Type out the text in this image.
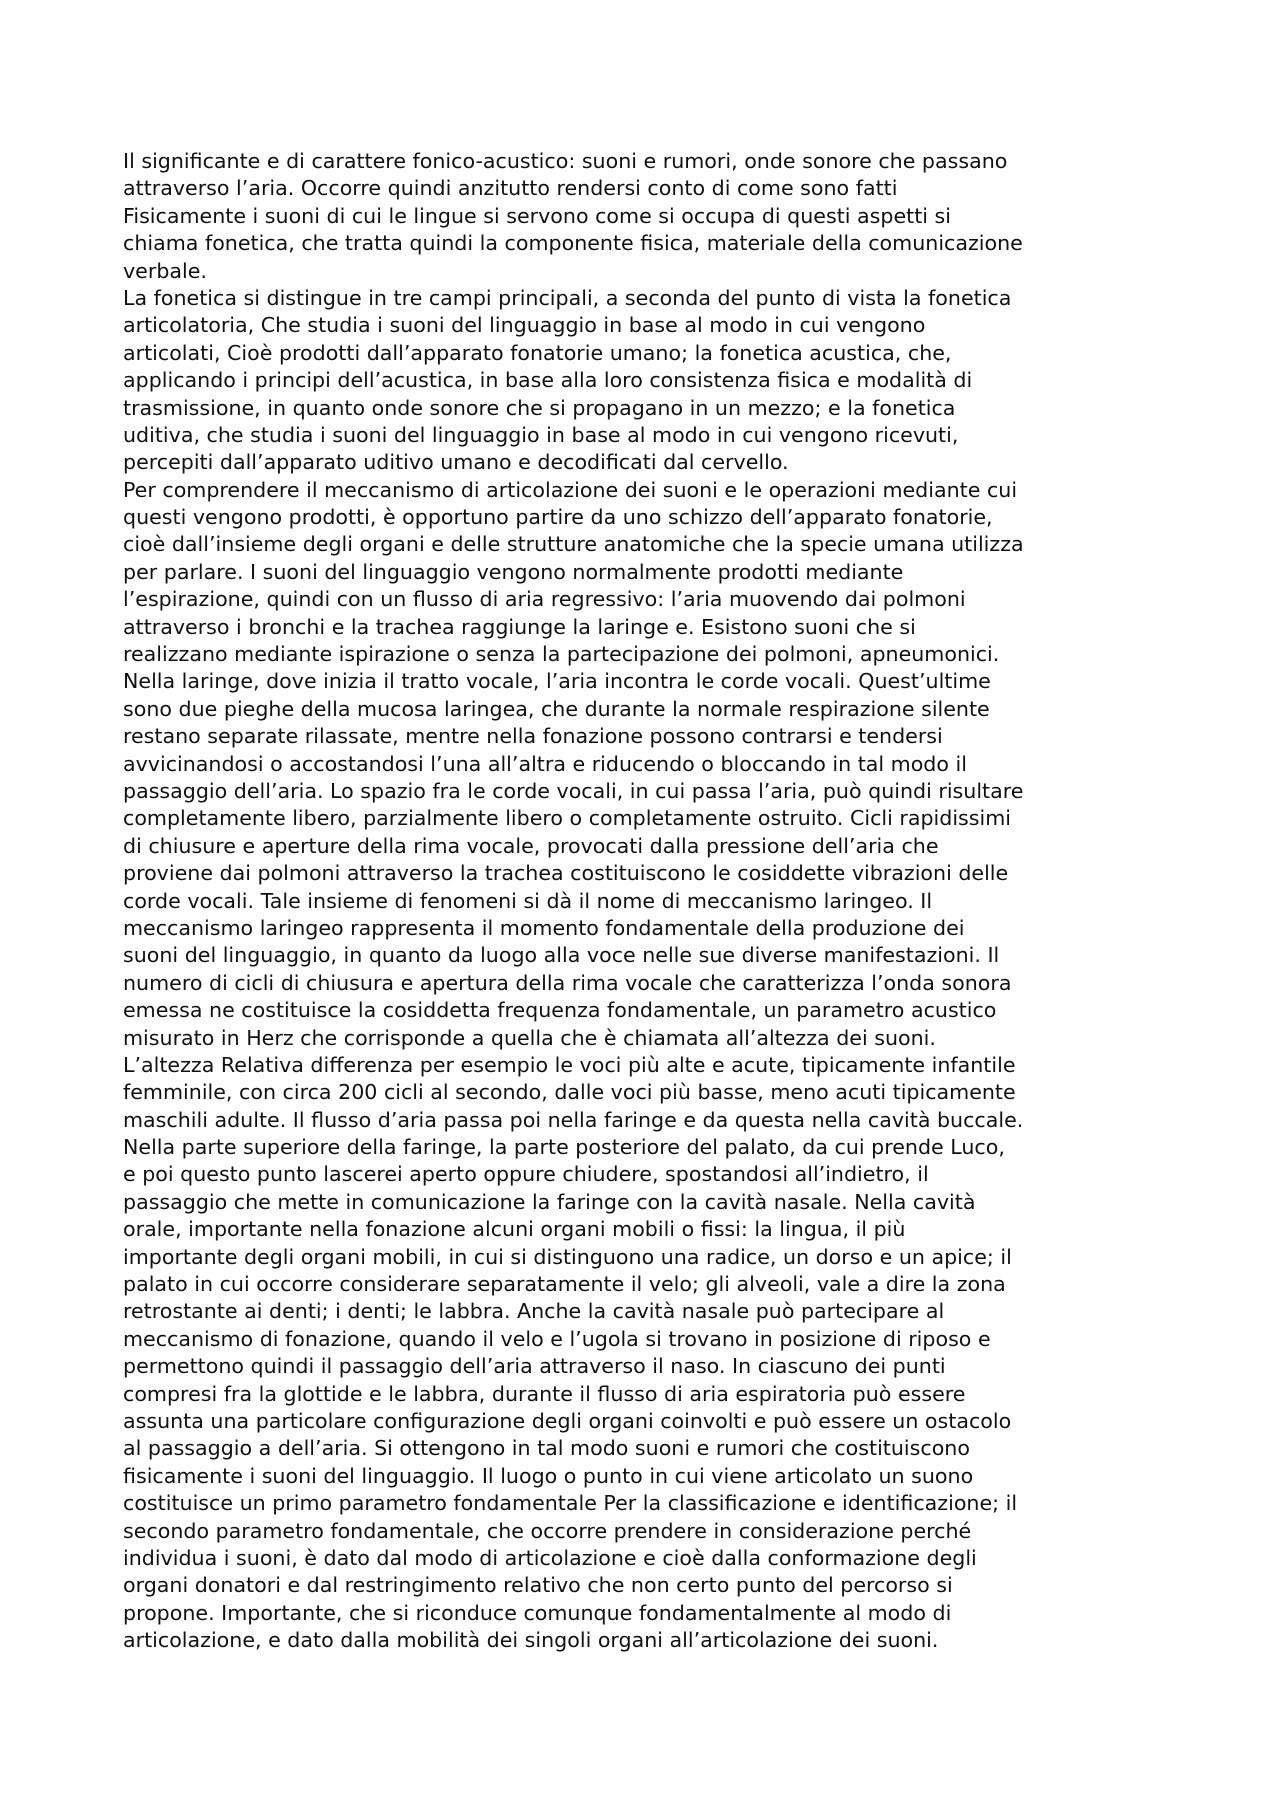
Il significante e di carattere fonico-acustico: suoni e rumori, onde sonore che passano
attraverso l’aria. Occorre quindi anzitutto rendersi conto di come sono fatti
Fisicamente i suoni di cui le lingue si servono come si occupa di questi aspetti si
chiama fonetica, che tratta quindi la componente fisica, materiale della comunicazione
verbale.
La fonetica si distingue in tre campi principali, a seconda del punto di vista la fonetica
articolatoria, Che studia i suoni del linguaggio in base al modo in cui vengono
articolati, Cioè prodotti dall’apparato fonatorie umano; la fonetica acustica, che,
applicando i principi dell’acustica, in base alla loro consistenza fisica e modalità di
trasmissione, in quanto onde sonore che si propagano in un mezzo; e la fonetica
uditiva, che studia i suoni del linguaggio in base al modo in cui vengono ricevuti,
percepiti dall’apparato uditivo umano e decodificati dal cervello.
Per comprendere il meccanismo di articolazione dei suoni e le operazioni mediante cui
questi vengono prodotti, è opportuno partire da uno schizzo dell’apparato fonatorie,
cioè dall’insieme degli organi e delle strutture anatomiche che la specie umana utilizza
per parlare. I suoni del linguaggio vengono normalmente prodotti mediante
l’espirazione, quindi con un flusso di aria regressivo: l’aria muovendo dai polmoni
attraverso i bronchi e la trachea raggiunge la laringe e. Esistono suoni che si
realizzano mediante ispirazione o senza la partecipazione dei polmoni, apneumonici.
Nella laringe, dove inizia il tratto vocale, l’aria incontra le corde vocali. Quest’ultime
sono due pieghe della mucosa laringea, che durante la normale respirazione silente
restano separate rilassate, mentre nella fonazione possono contrarsi e tendersi
avvicinandosi o accostandosi l’una all’altra e riducendo o bloccando in tal modo il
passaggio dell’aria. Lo spazio fra le corde vocali, in cui passa l’aria, può quindi risultare
completamente libero, parzialmente libero o completamente ostruito. Cicli rapidissimi
di chiusure e aperture della rima vocale, provocati dalla pressione dell’aria che
proviene dai polmoni attraverso la trachea costituiscono le cosiddette vibrazioni delle
corde vocali. Tale insieme di fenomeni si dà il nome di meccanismo laringeo. Il
meccanismo laringeo rappresenta il momento fondamentale della produzione dei
suoni del linguaggio, in quanto da luogo alla voce nelle sue diverse manifestazioni. Il
numero di cicli di chiusura e apertura della rima vocale che caratterizza l’onda sonora
emessa ne costituisce la cosiddetta frequenza fondamentale, un parametro acustico
misurato in Herz che corrisponde a quella che è chiamata all’altezza dei suoni.
L’altezza Relativa differenza per esempio le voci più alte e acute, tipicamente infantile
femminile, con circa 200 cicli al secondo, dalle voci più basse, meno acuti tipicamente
maschili adulte. Il flusso d’aria passa poi nella faringe e da questa nella cavità buccale.
Nella parte superiore della faringe, la parte posteriore del palato, da cui prende Luco,
e poi questo punto lascerei aperto oppure chiudere, spostandosi all’indietro, il
passaggio che mette in comunicazione la faringe con la cavità nasale. Nella cavità
orale, importante nella fonazione alcuni organi mobili o fissi: la lingua, il più
importante degli organi mobili, in cui si distinguono una radice, un dorso e un apice; il
palato in cui occorre considerare separatamente il velo; gli alveoli, vale a dire la zona
retrostante ai denti; i denti; le labbra. Anche la cavità nasale può partecipare al
meccanismo di fonazione, quando il velo e l’ugola si trovano in posizione di riposo e
permettono quindi il passaggio dell’aria attraverso il naso. In ciascuno dei punti
compresi fra la glottide e le labbra, durante il flusso di aria espiratoria può essere
assunta una particolare configurazione degli organi coinvolti e può essere un ostacolo
al passaggio a dell’aria. Si ottengono in tal modo suoni e rumori che costituiscono
fisicamente i suoni del linguaggio. Il luogo o punto in cui viene articolato un suono
costituisce un primo parametro fondamentale Per la classificazione e identificazione; il
secondo parametro fondamentale, che occorre prendere in considerazione perché
individua i suoni, è dato dal modo di articolazione e cioè dalla conformazione degli
organi donatori e dal restringimento relativo che non certo punto del percorso si
propone. Importante, che si riconduce comunque fondamentalmente al modo di
articolazione, e dato dalla mobilità dei singoli organi all’articolazione dei suoni.
